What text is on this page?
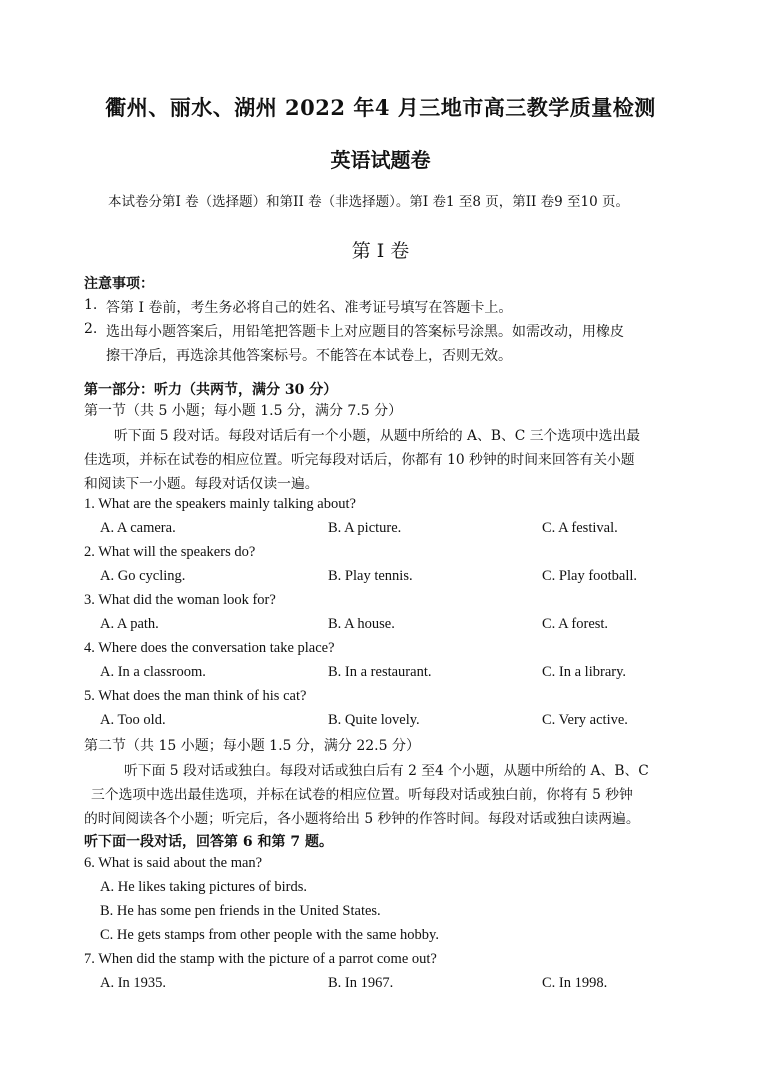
衢州、丽水、湖州 2022 年4 月三地市高三教学质量检测
英语试题卷
本试卷分第I 卷（选择题）和第II 卷（非选择题）。第I 卷1 至8 页，第II 卷9 至10 页。
第 I 卷
注意事项：
1. 答第 I 卷前，考生务必将自己的姓名、准考证号填写在答题卡上。
2. 选出每小题答案后，用铅笔把答题卡上对应题目的答案标号涂黑。如需改动，用橡皮
擦干净后，再选涂其他答案标号。不能答在本试卷上，否则无效。
第一部分：听力（共两节，满分 30 分）
第一节（共 5 小题；每小题 1.5 分，满分 7.5 分）
听下面 5 段对话。每段对话后有一个小题，从题中所给的 A、B、C 三个选项中选出最
佳选项，并标在试卷的相应位置。听完每段对话后，你都有 10 秒钟的时间来回答有关小题
和阅读下一小题。每段对话仅读一遍。
1. What are the speakers mainly talking about?
A. A camera.	B. A picture.	C. A festival.
2. What will the speakers do?
A. Go cycling.	B. Play tennis.	C. Play football.
3. What did the woman look for?
A. A path.	B. A house.	C. A forest.
4. Where does the conversation take place?
A. In a classroom.	B. In a restaurant.	C. In a library.
5. What does the man think of his cat?
A. Too old.	B. Quite lovely.	C. Very active.
第二节（共 15 小题；每小题 1.5 分，满分 22.5 分）
听下面 5 段对话或独白。每段对话或独白后有 2 至4 个小题，从题中所给的 A、B、C
三个选项中选出最佳选项，并标在试卷的相应位置。听每段对话或独白前，你将有 5 秒钟
的时间阅读各个小题；听完后，各小题将给出 5 秒钟的作答时间。每段对话或独白读两遍。
听下面一段对话，回答第 6 和第 7 题。
6. What is said about the man?
A. He likes taking pictures of birds.
B. He has some pen friends in the United States.
C. He gets stamps from other people with the same hobby.
7. When did the stamp with the picture of a parrot come out?
A. In 1935.	B. In 1967.	C. In 1998.
